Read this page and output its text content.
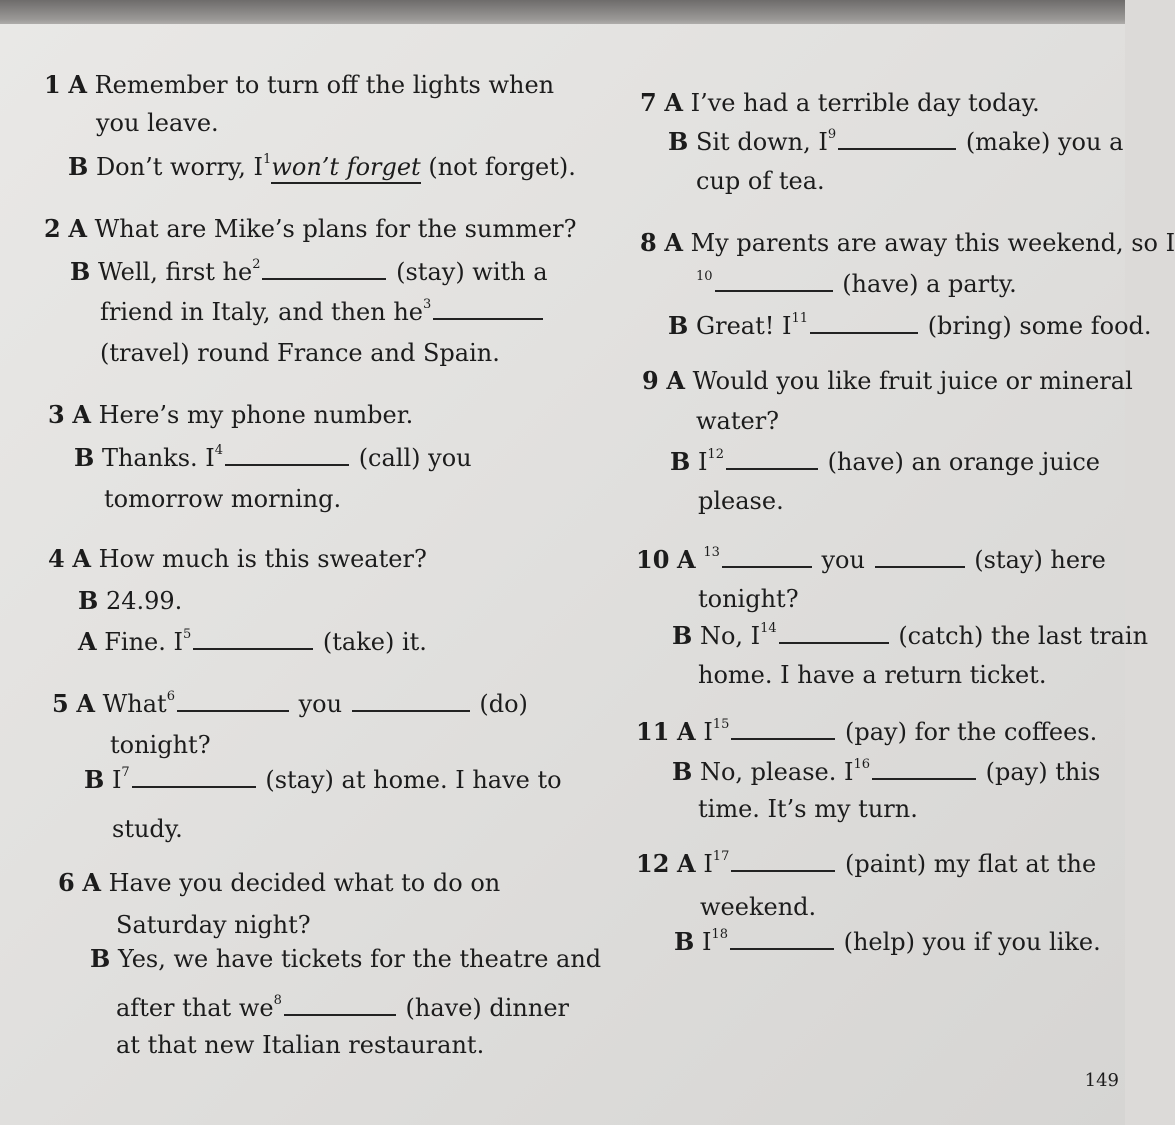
1 A Remember to turn off the lights when
you leave.
B Don’t worry, $I^1won’t$ forget (not forget).
2 A What are Mike’s plans for the summer?
B Well, first $he^2$	(stay) with a
friend in Italy, and then $he^3$
(travel) round France and Spain.
3 A Here’s my phone number.
B Thanks. $I^4$	(call) you
tomorrow morning.
4 A How much is this sweater?
B 24.99.
A Fine. $I^5$	(take) it.
5 A What$^6$	you	(do)
tonight?
B $I^7$	(stay) at home. I have to
study.
6 A Have you decided what to do on
Saturday night?
B Yes, we have tickets for the theatre and
after that $we^8$	(have) dinner
at that new Italian restaurant.
7 A I’ve had a terrible day today.
B Sit down, $I^9$	(make) you a
cup of tea.
8 A My parents are away this weekend, so I
$^{10}$	(have) a party.
B Great! $I^{11}$	(bring) some food.
9 A Would you like fruit juice or mineral
water?
B $I^{12}$	(have) an orange juice
please.
10 A $^{13}$	you	(stay) here
tonight?
B No, $I^{14}$	(catch) the last train
home. I have a return ticket.
11 A $I^{15}$	(pay) for the coffees.
B No, please. $I^{16}$	(pay) this
time. It’s my turn.
12 A $I^{17}$	(paint) my flat at the
weekend.
B $I^{18}$	(help) you if you like.
149
